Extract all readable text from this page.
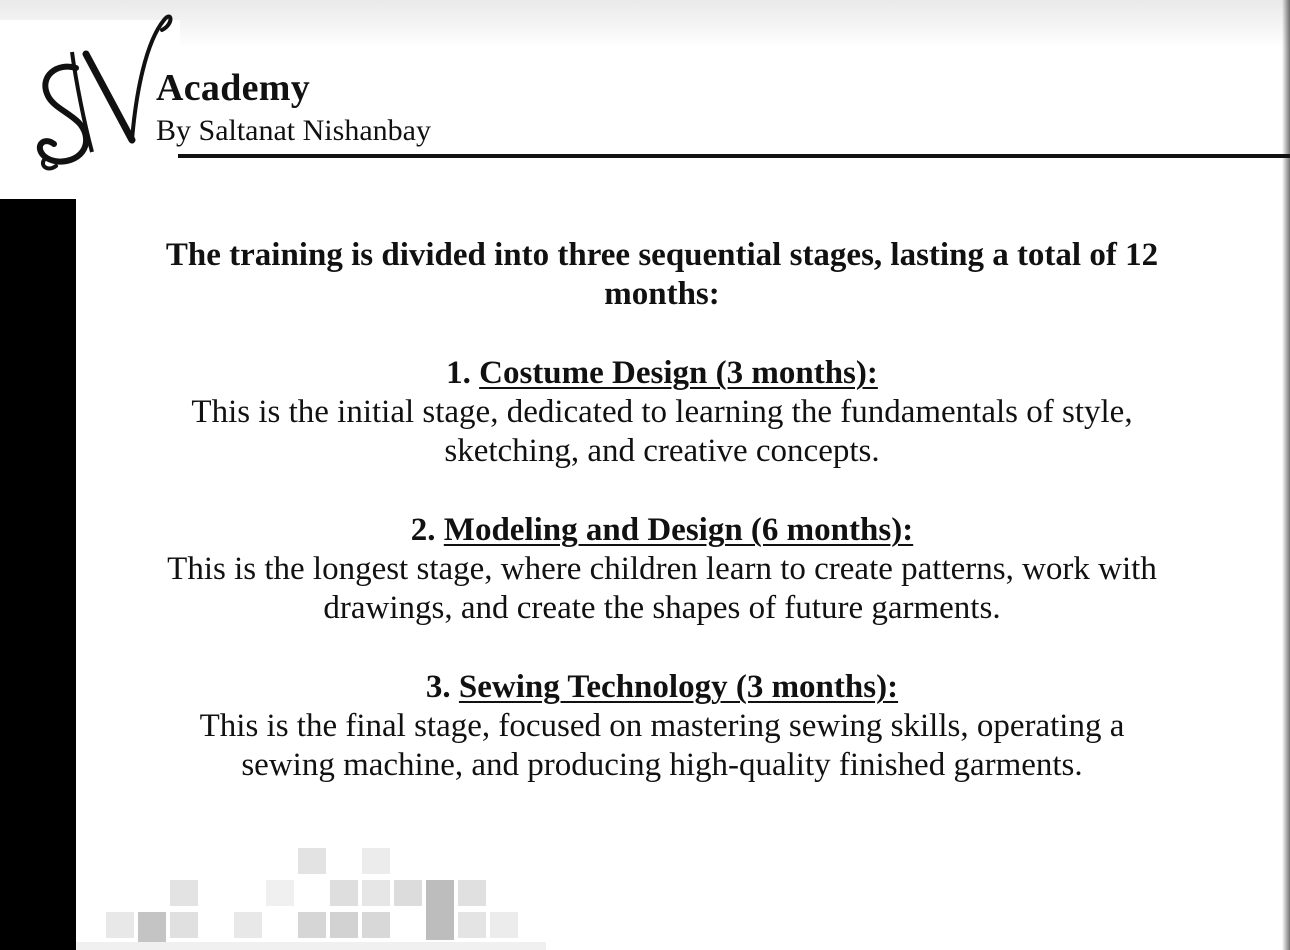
Academy
By Saltanat Nishanbay

The training is divided into three sequential stages, lasting a total of 12 months:

1. Costume Design (3 months):

This is the initial stage, dedicated to learning the fundamentals of style, sketching, and creative concepts.

2. Modeling and Design (6 months):

This is the longest stage, where children learn to create patterns, work with drawings, and create the shapes of future garments.

3. Sewing Technology (3 months):

This is the final stage, focused on mastering sewing skills, operating a sewing machine, and producing high-quality finished garments.
